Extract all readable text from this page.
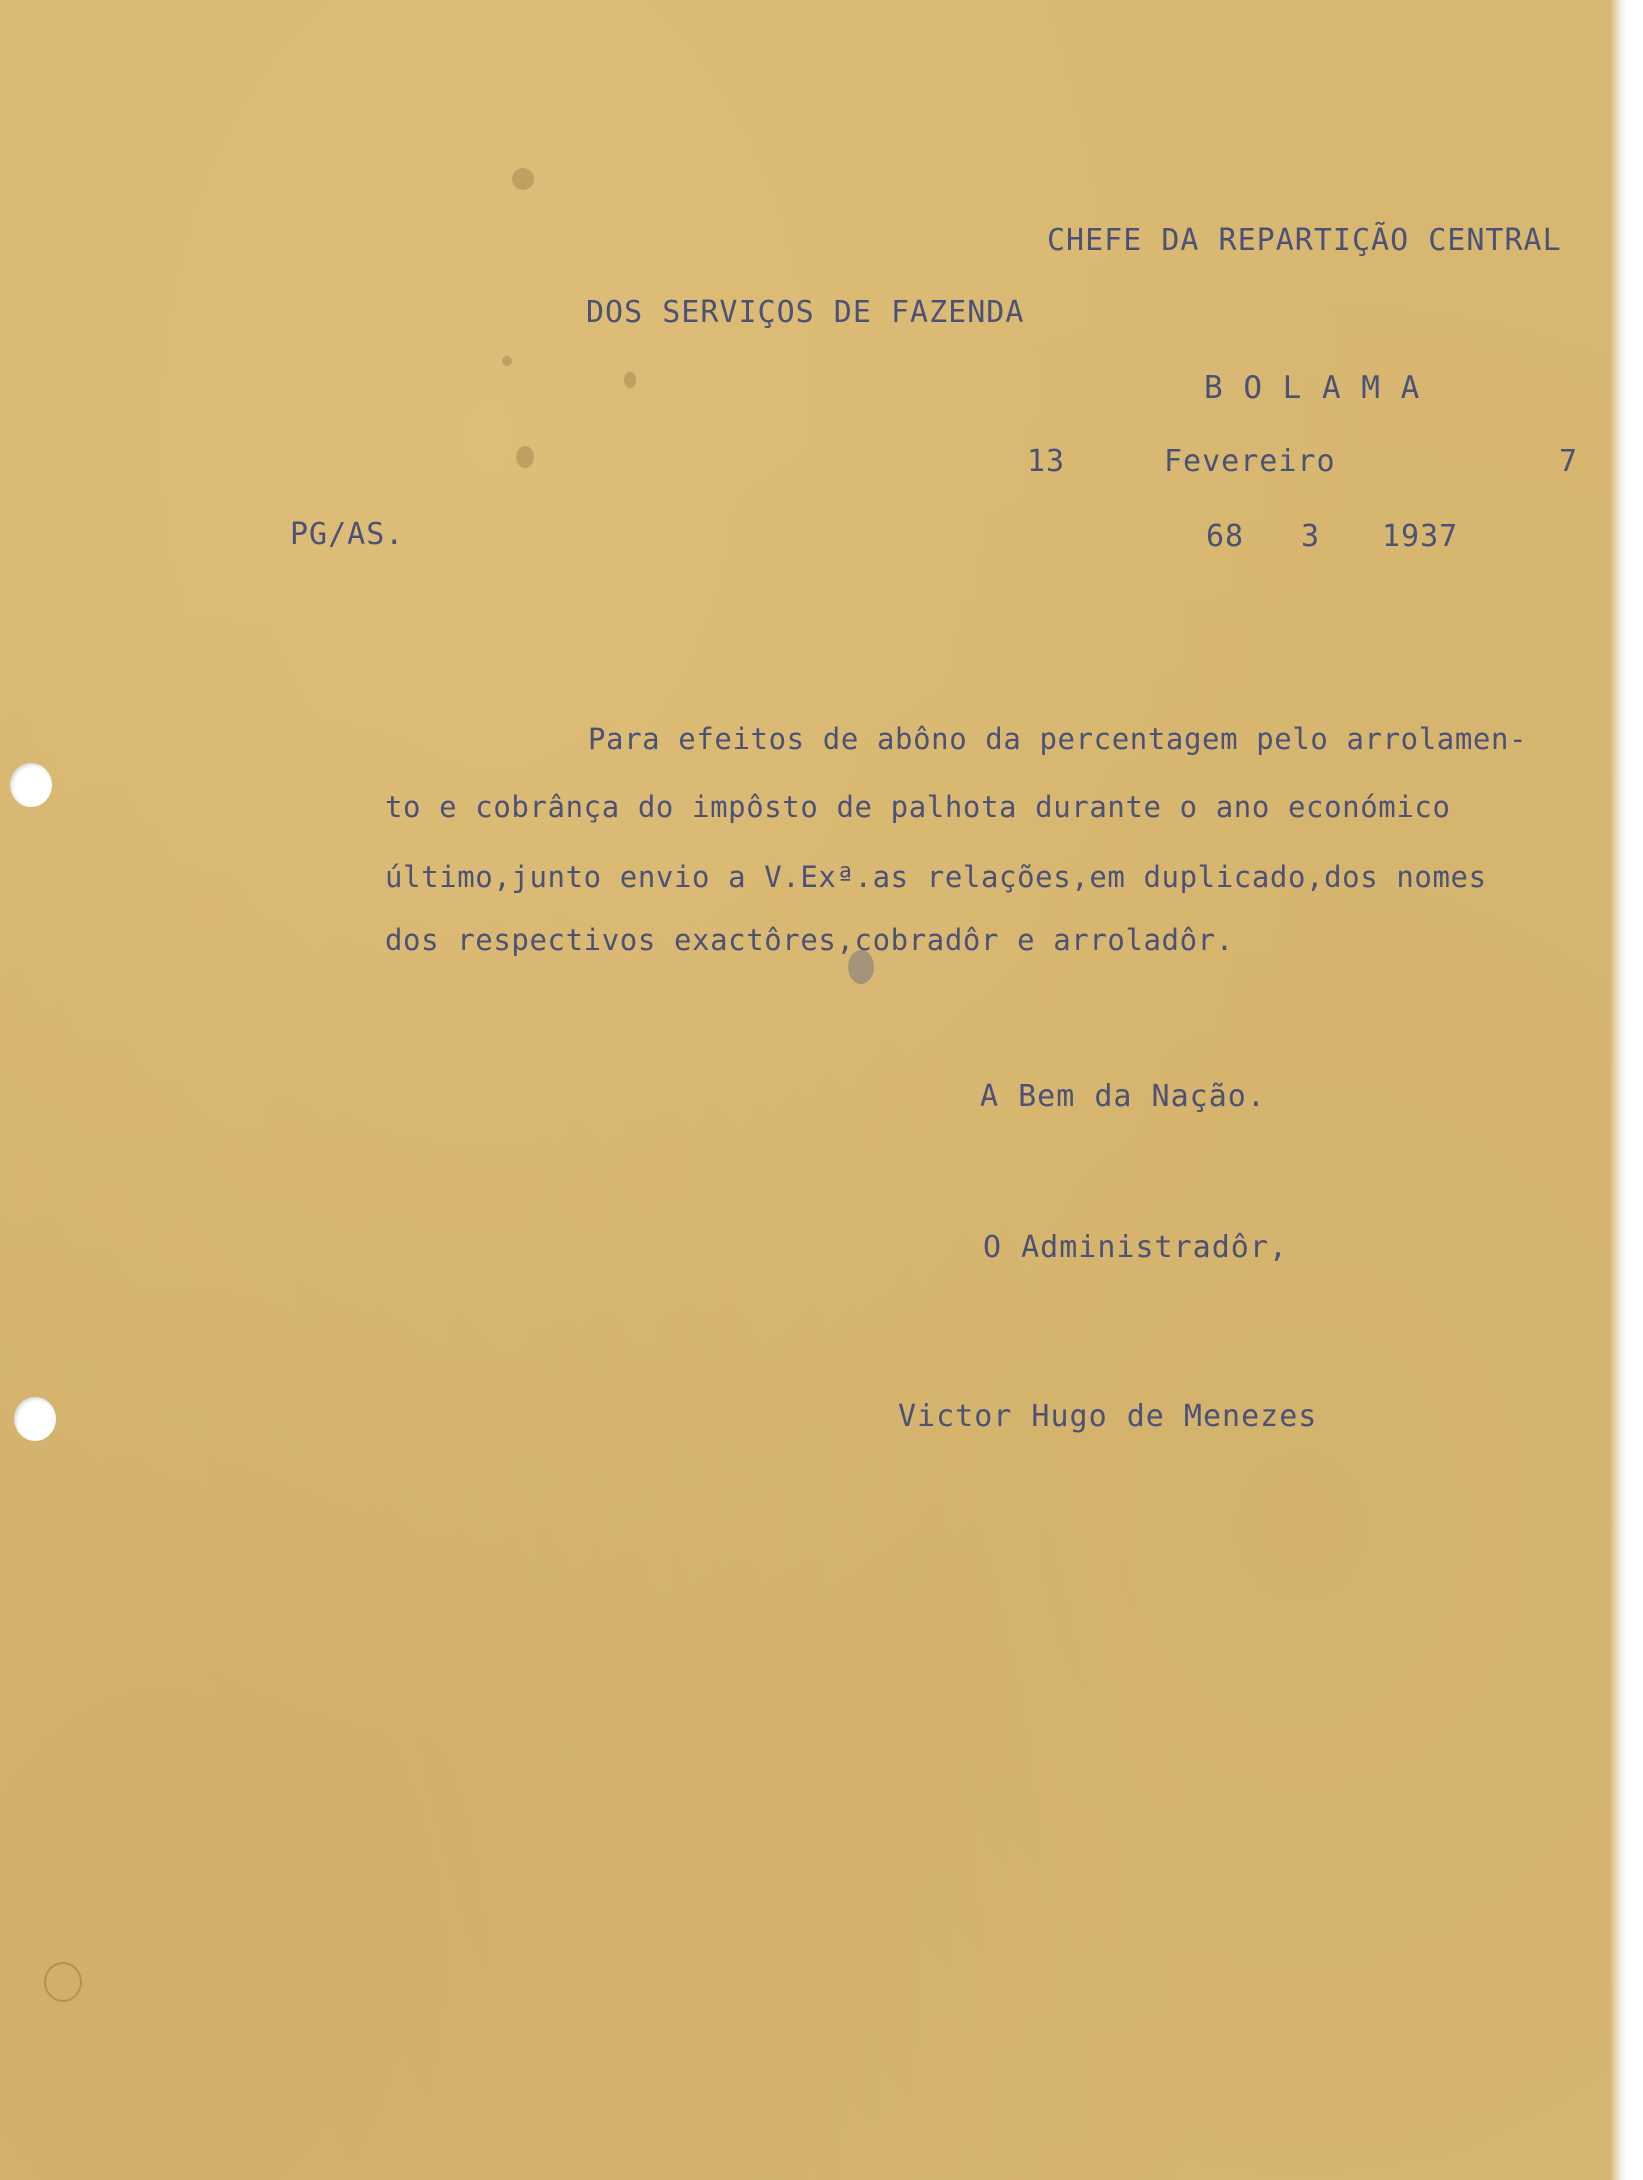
CHEFE DA REPARTIÇÃO CENTRAL
DOS SERVIÇOS DE FAZENDA
B O L A M A
13	Fevereiro	7
PG/AS.	68 3 1937
Para efeitos de abôno da percentagem pelo arrolamen-
to e cobrânça do impôsto de palhota durante o ano económico
último,junto envio a V.Exª.as relações,em duplicado,dos nomes
dos respectivos exactôres,cobradôr e arroladôr.
A Bem da Nação.
O Administradôr,
Victor Hugo de Menezes
